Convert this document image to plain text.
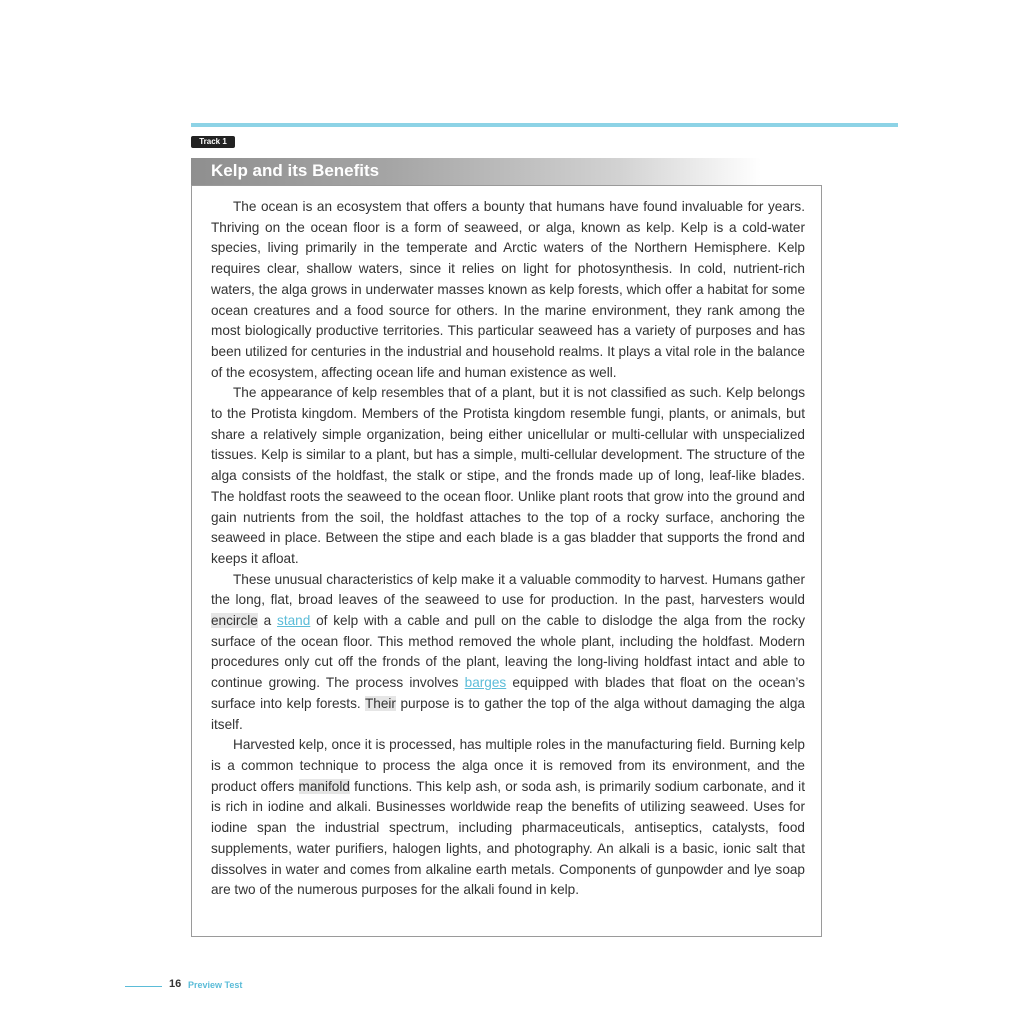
Track 1
Kelp and its Benefits

The ocean is an ecosystem that offers a bounty that humans have found invaluable for years. Thriving on the ocean floor is a form of seaweed, or alga, known as kelp. Kelp is a cold-water species, living primarily in the temperate and Arctic waters of the Northern Hemisphere. Kelp requires clear, shallow waters, since it relies on light for photosynthesis. In cold, nutrient-rich waters, the alga grows in underwater masses known as kelp forests, which offer a habitat for some ocean creatures and a food source for others. In the marine environment, they rank among the most biologically productive territories. This particular seaweed has a variety of purposes and has been utilized for centuries in the industrial and household realms. It plays a vital role in the balance of the ecosystem, affecting ocean life and human existence as well.

The appearance of kelp resembles that of a plant, but it is not classified as such. Kelp belongs to the Protista kingdom. Members of the Protista kingdom resemble fungi, plants, or animals, but share a relatively simple organization, being either unicellular or multi-cellular with unspecialized tissues. Kelp is similar to a plant, but has a simple, multi-cellular development. The structure of the alga consists of the holdfast, the stalk or stipe, and the fronds made up of long, leaf-like blades. The holdfast roots the seaweed to the ocean floor. Unlike plant roots that grow into the ground and gain nutrients from the soil, the holdfast attaches to the top of a rocky surface, anchoring the seaweed in place. Between the stipe and each blade is a gas bladder that supports the frond and keeps it afloat.

These unusual characteristics of kelp make it a valuable commodity to harvest. Humans gather the long, flat, broad leaves of the seaweed to use for production. In the past, harvesters would encircle a stand of kelp with a cable and pull on the cable to dislodge the alga from the rocky surface of the ocean floor. This method removed the whole plant, including the holdfast. Modern procedures only cut off the fronds of the plant, leaving the long-living holdfast intact and able to continue growing. The process involves barges equipped with blades that float on the ocean’s surface into kelp forests. Their purpose is to gather the top of the alga without damaging the alga itself.

Harvested kelp, once it is processed, has multiple roles in the manufacturing field. Burning kelp is a common technique to process the alga once it is removed from its environment, and the product offers manifold functions. This kelp ash, or soda ash, is primarily sodium carbonate, and it is rich in iodine and alkali. Businesses worldwide reap the benefits of utilizing seaweed. Uses for iodine span the industrial spectrum, including pharmaceuticals, antiseptics, catalysts, food supplements, water purifiers, halogen lights, and photography. An alkali is a basic, ionic salt that dissolves in water and comes from alkaline earth metals. Components of gunpowder and lye soap are two of the numerous purposes for the alkali found in kelp.

16 Preview Test
